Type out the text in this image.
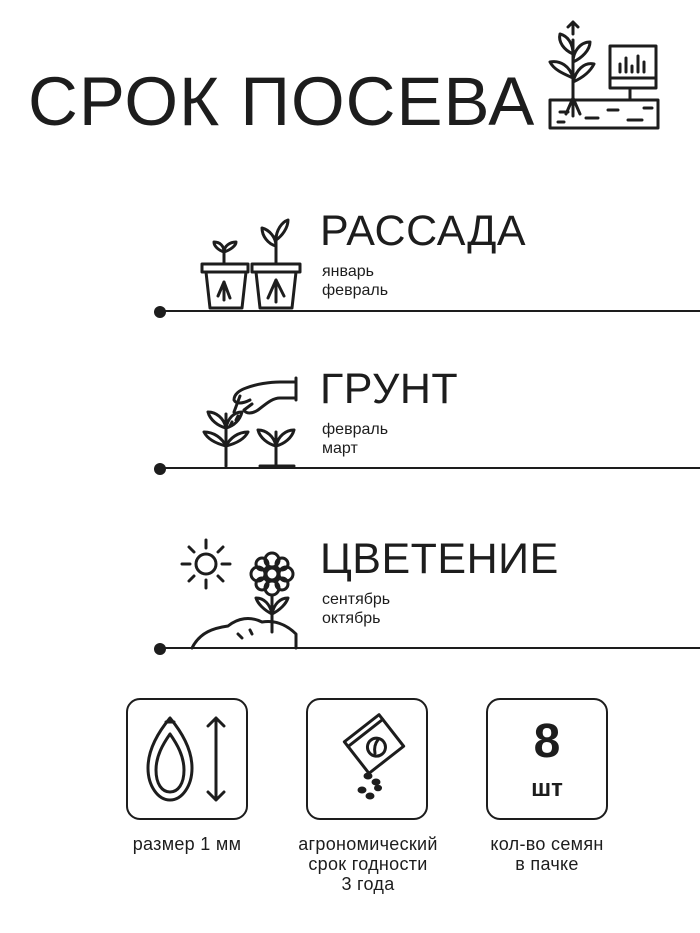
СРОК ПОСЕВА
РАССАДА
январь
февраль
ГРУНТ
февраль
март
ЦВЕТЕНИЕ
сентябрь
октябрь
размер 1 мм	агрономический
срок годности
3 года
8
шт
кол-во семян
в пачке
